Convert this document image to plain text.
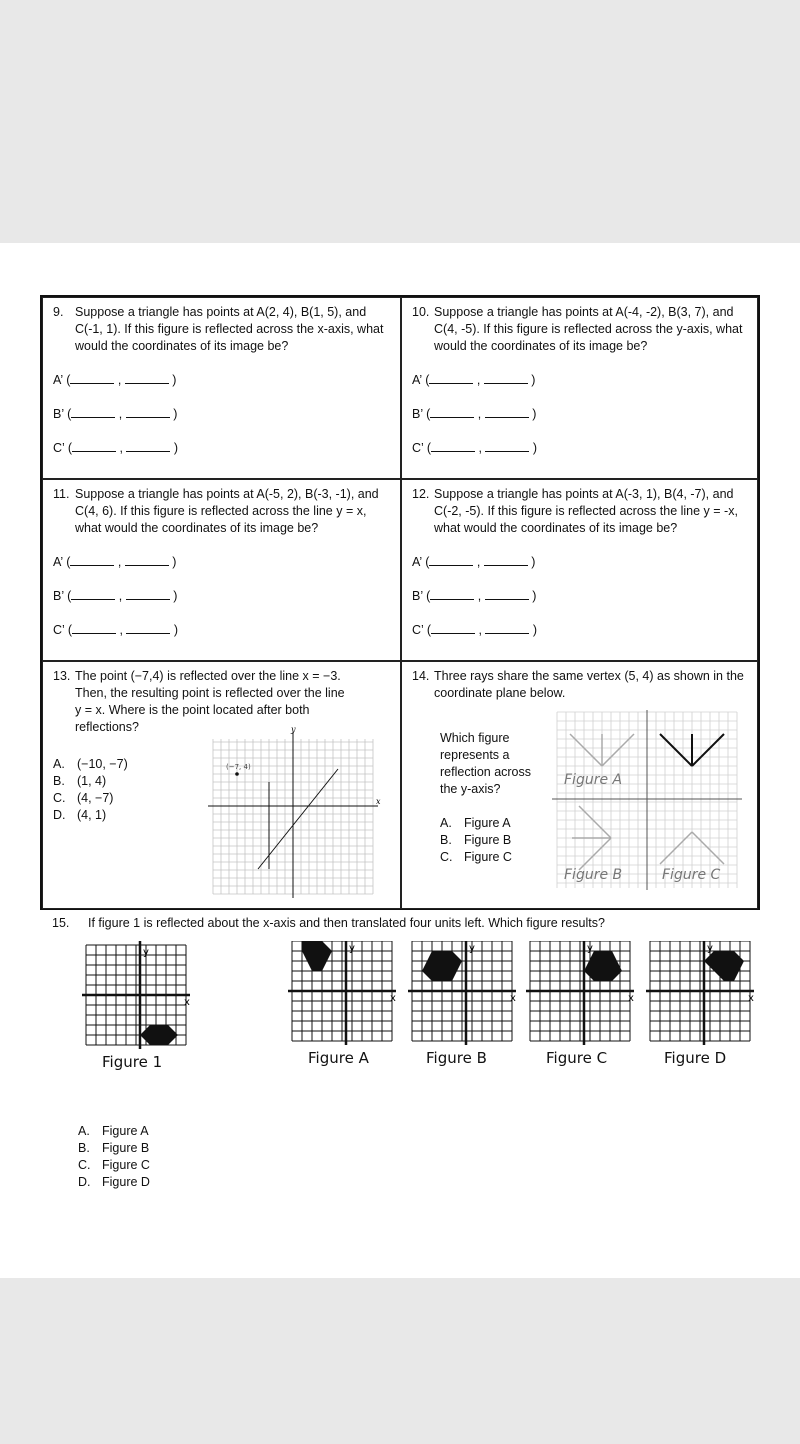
9. Suppose a triangle has points at A(2, 4), B(1, 5), and C(-1, 1). If this figure is reflected across the x-axis, what would the coordinates of its image be?
A’ (	,	)
B’ (	,	)
C’ (	,	)
10. Suppose a triangle has points at A(-4, -2), B(3, 7), and C(4, -5). If this figure is reflected across the y-axis, what would the coordinates of its image be?
A’ (	,	)
B’ (	,	)
C’ (	,	)
11. Suppose a triangle has points at A(-5, 2), B(-3, -1), and C(4, 6). If this figure is reflected across the line y = x, what would the coordinates of its image be?
A’ (	,	)
B’ (	,	)
C’ (	,	)
12. Suppose a triangle has points at A(-3, 1), B(4, -7), and C(-2, -5). If this figure is reflected across the line y = -x, what would the coordinates of its image be?
A’ (	,	)
B’ (	,	)
C’ (	,	)
13. The point (−7,4) is reflected over the line x = −3. Then, the resulting point is reflected over the line y = x. Where is the point located after both reflections?
A. (−10, −7)
B. (1, 4)
C. (4, −7)
D. (4, 1)
(−7, 4)
x
y
14. Three rays share the same vertex (5, 4) as shown in the coordinate plane below.
Which figure represents a reflection across the y-axis?
A. Figure A
B. Figure B
C. Figure C
Figure A
Figure B	Figure C
15.	If figure 1 is reflected about the x-axis and then translated four units left. Which figure results?
y
x
Figure 1
y
x
Figure A
y
x
Figure B
y
x
Figure C
y
x
Figure D
A. Figure A
B. Figure B
C. Figure C
D. Figure D
